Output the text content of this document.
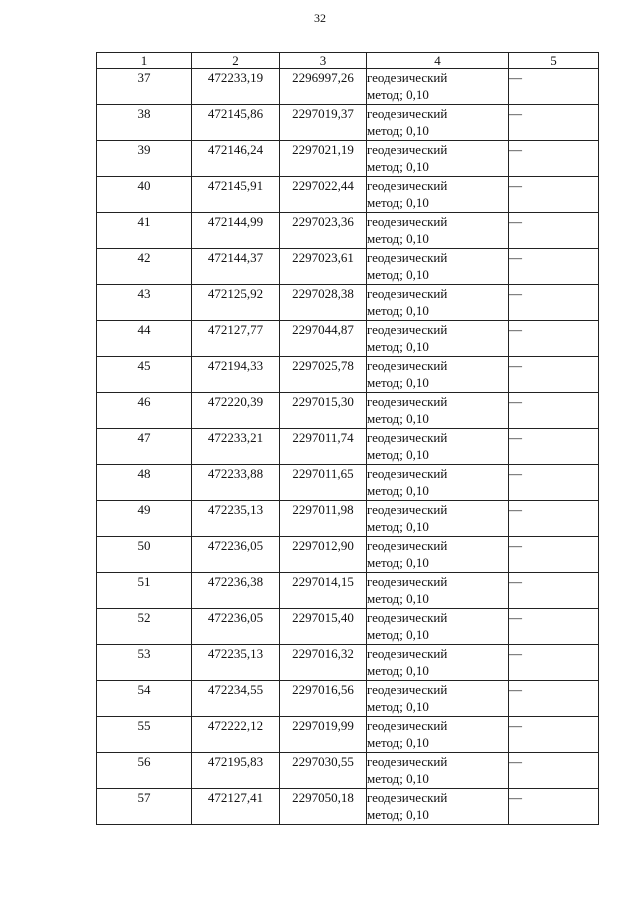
32
1	2	3	4	5
37	472233,19	2296997,26	геодезический
метод; 0,10	—
38	472145,86	2297019,37	геодезический
метод; 0,10	—
39	472146,24	2297021,19	геодезический
метод; 0,10	—
40	472145,91	2297022,44	геодезический
метод; 0,10	—
41	472144,99	2297023,36	геодезический
метод; 0,10	—
42	472144,37	2297023,61	геодезический
метод; 0,10	—
43	472125,92	2297028,38	геодезический
метод; 0,10	—
44	472127,77	2297044,87	геодезический
метод; 0,10	—
45	472194,33	2297025,78	геодезический
метод; 0,10	—
46	472220,39	2297015,30	геодезический
метод; 0,10	—
47	472233,21	2297011,74	геодезический
метод; 0,10	—
48	472233,88	2297011,65	геодезический
метод; 0,10	—
49	472235,13	2297011,98	геодезический
метод; 0,10	—
50	472236,05	2297012,90	геодезический
метод; 0,10	—
51	472236,38	2297014,15	геодезический
метод; 0,10	—
52	472236,05	2297015,40	геодезический
метод; 0,10	—
53	472235,13	2297016,32	геодезический
метод; 0,10	—
54	472234,55	2297016,56	геодезический
метод; 0,10	—
55	472222,12	2297019,99	геодезический
метод; 0,10	—
56	472195,83	2297030,55	геодезический
метод; 0,10	—
57	472127,41	2297050,18	геодезический
метод; 0,10	—
